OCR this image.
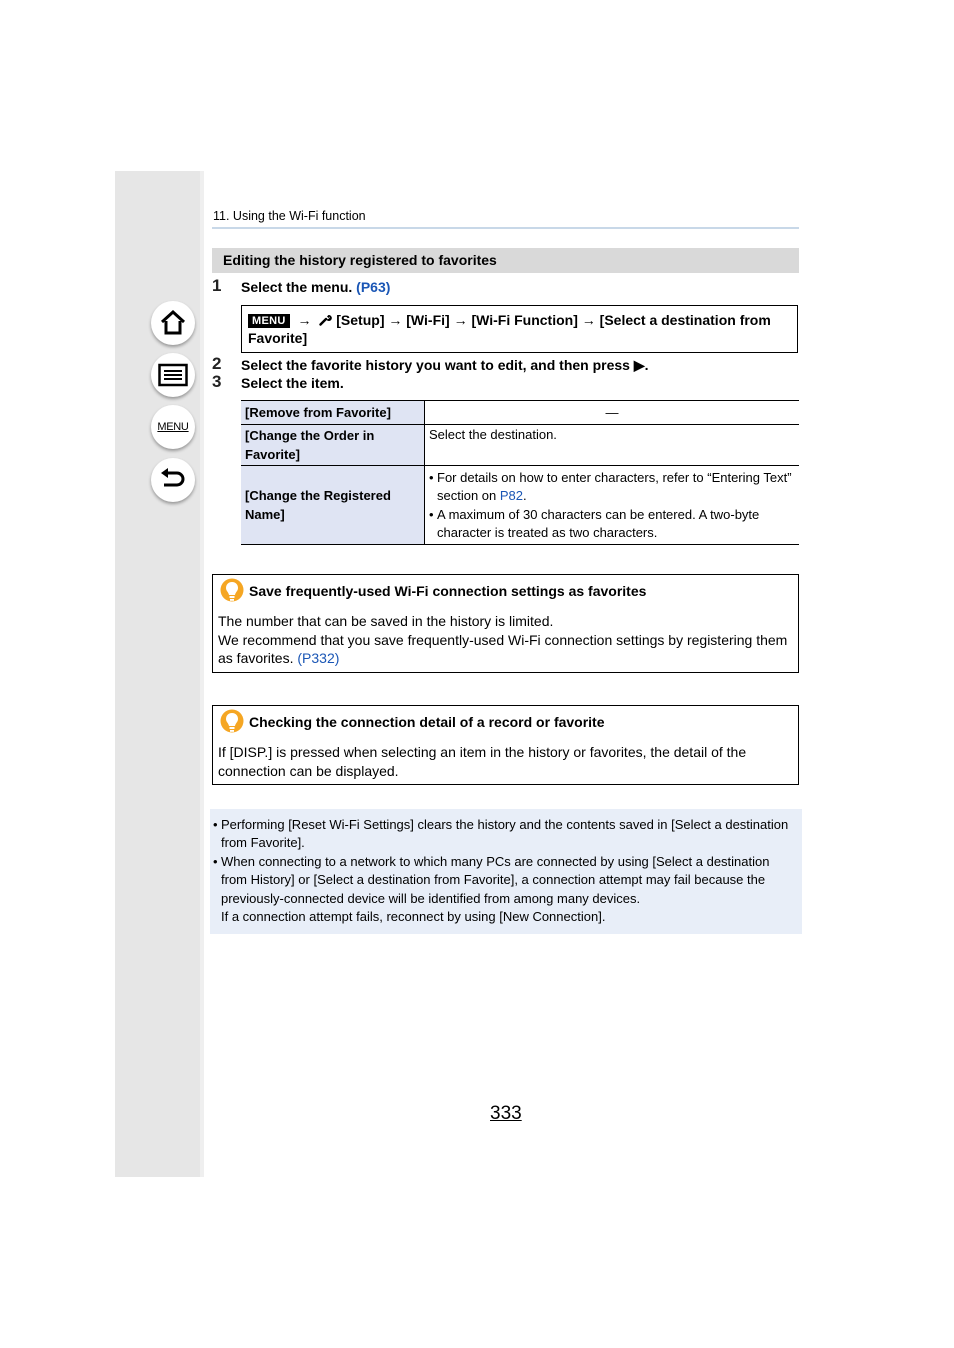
MENU
11. Using the Wi-Fi function
Editing the history registered to favorites
1 Select the menu. (P63)
MENU → [Setup] → [Wi-Fi] → [Wi-Fi Function] → [Select a destination from Favorite]
2 Select the favorite history you want to edit, and then press ▶.
3 Select the item.
[Remove from Favorite]	—
[Change the Order in Favorite]	Select the destination.
[Change the Registered Name]	• For details on how to enter characters, refer to “Entering Text” section on P82.
• A maximum of 30 characters can be entered. A two-byte character is treated as two characters.
Save frequently-used Wi-Fi connection settings as favorites
The number that can be saved in the history is limited.
We recommend that you save frequently-used Wi-Fi connection settings by registering them as favorites. (P332)
Checking the connection detail of a record or favorite
If [DISP.] is pressed when selecting an item in the history or favorites, the detail of the connection can be displayed.
• Performing [Reset Wi-Fi Settings] clears the history and the contents saved in [Select a destination from Favorite].
• When connecting to a network to which many PCs are connected by using [Select a destination from History] or [Select a destination from Favorite], a connection attempt may fail because the previously-connected device will be identified from among many devices.
If a connection attempt fails, reconnect by using [New Connection].
333
